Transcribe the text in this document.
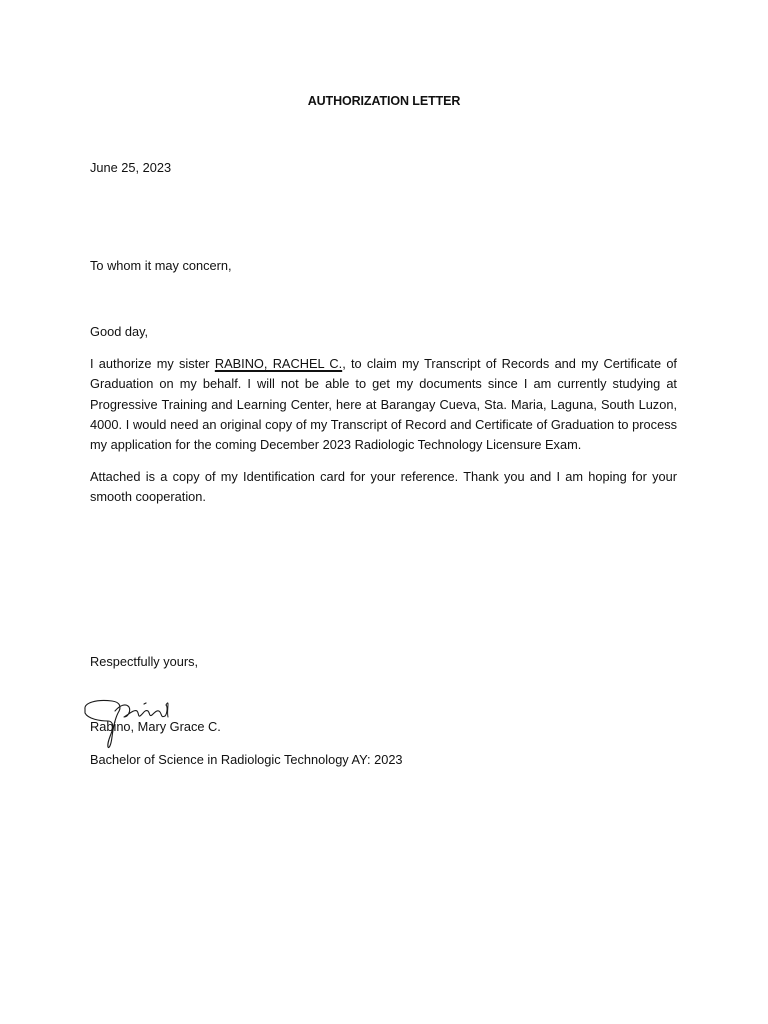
AUTHORIZATION LETTER
June 25, 2023
To whom it may concern,
Good day,
I authorize my sister RABINO, RACHEL C., to claim my Transcript of Records and my Certificate of Graduation on my behalf. I will not be able to get my documents since I am currently studying at Progressive Training and Learning Center, here at Barangay Cueva, Sta. Maria, Laguna, South Luzon, 4000. I would need an original copy of my Transcript of Record and Certificate of Graduation to process my application for the coming December 2023 Radiologic Technology Licensure Exam.
Attached is a copy of my Identification card for your reference. Thank you and I am hoping for your smooth cooperation.
Respectfully yours,
Rabino, Mary Grace C.
Bachelor of Science in Radiologic Technology AY: 2023
